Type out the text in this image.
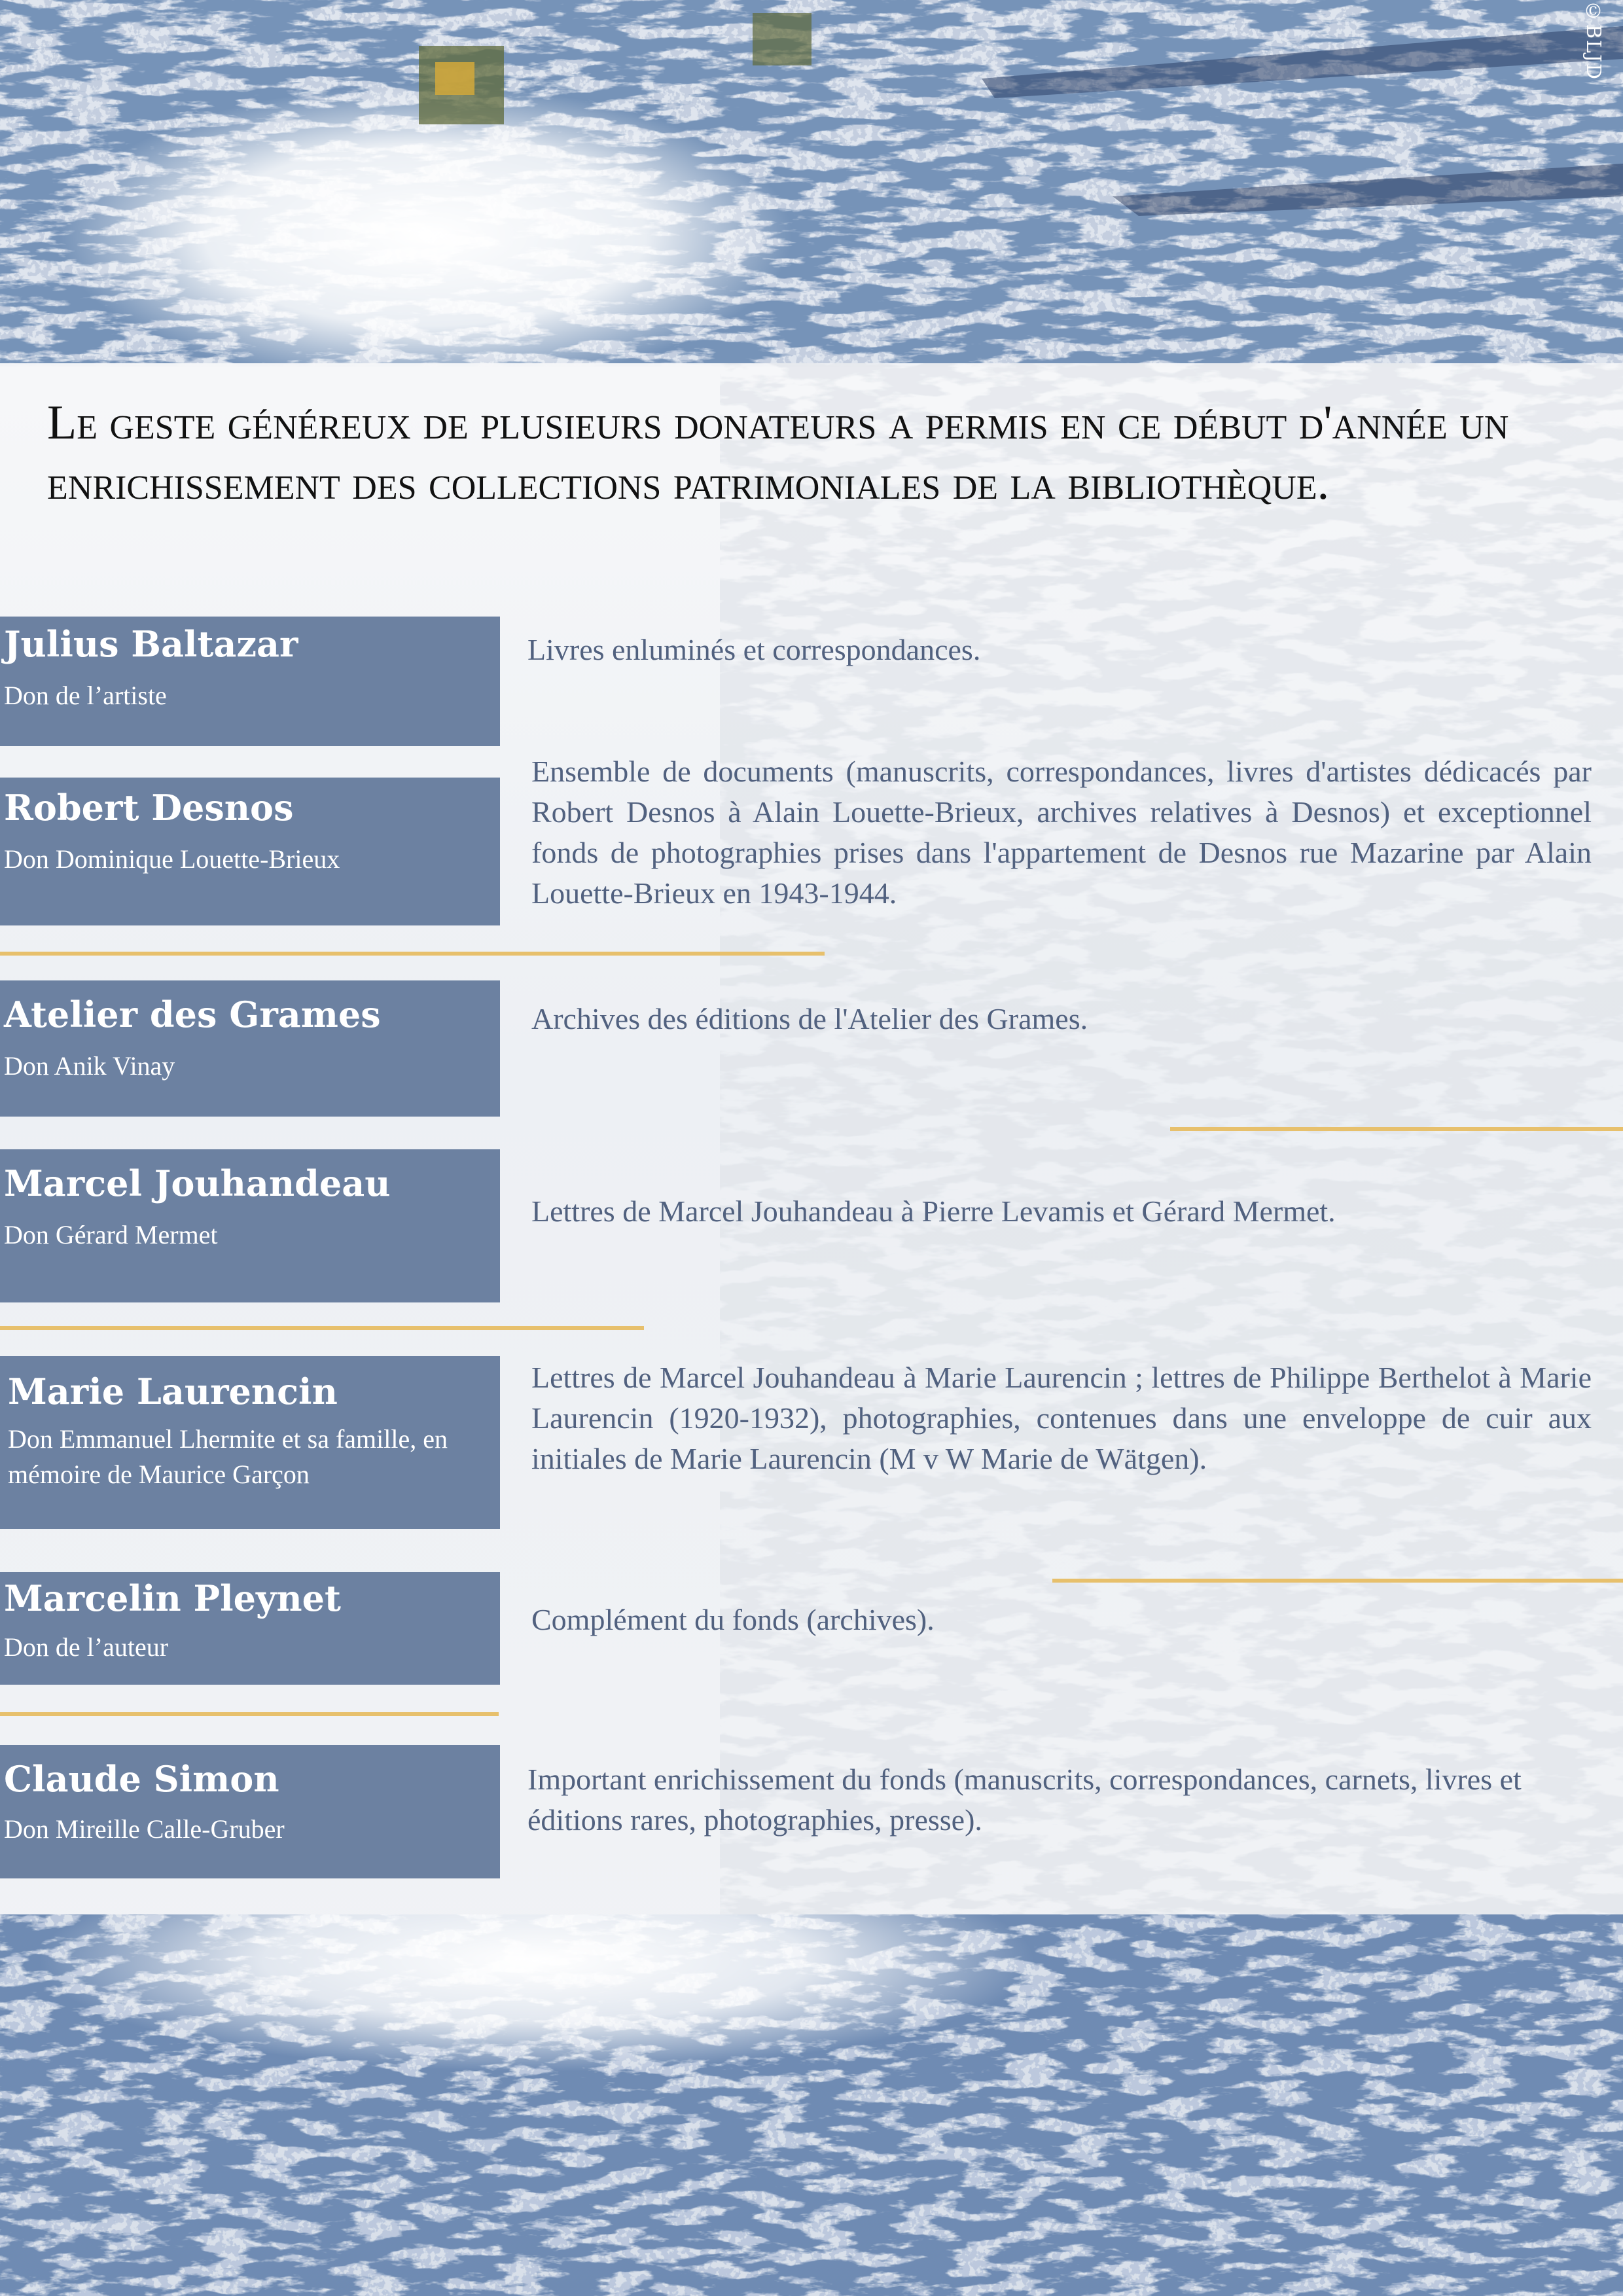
©BLJD
Le geste généreux de plusieurs donateurs a permis en ce début d'année un enrichissement des collections patrimoniales de la bibliothèque.
Julius Baltazar
Don de l’artiste
Livres enluminés et correspondances.
Robert Desnos
Don Dominique Louette-Brieux
Ensemble de documents (manuscrits, correspondances, livres d'artistes dédicacés par Robert Desnos à Alain Louette-Brieux, archives relatives à Desnos) et exceptionnel fonds de photographies prises dans l'appartement de Desnos rue Mazarine par Alain Louette-Brieux en 1943-1944.
Atelier des Grames
Don Anik Vinay
Archives des éditions de l'Atelier des Grames.
Marcel Jouhandeau
Don Gérard Mermet
Lettres de Marcel Jouhandeau à Pierre Levamis et Gérard Mermet.
Marie Laurencin
Don Emmanuel Lhermite et sa famille, en mémoire de Maurice Garçon
Lettres de Marcel Jouhandeau à Marie Laurencin ; lettres de Philippe Berthelot à Marie Laurencin (1920-1932), photographies, contenues dans une enveloppe de cuir aux initiales de Marie Laurencin (M v W Marie de Wätgen).
Marcelin Pleynet
Don de l’auteur
Complément du fonds (archives).
Claude Simon
Don Mireille Calle-Gruber
Important enrichissement du fonds (manuscrits, correspondances, carnets, livres et éditions rares, photographies, presse).
